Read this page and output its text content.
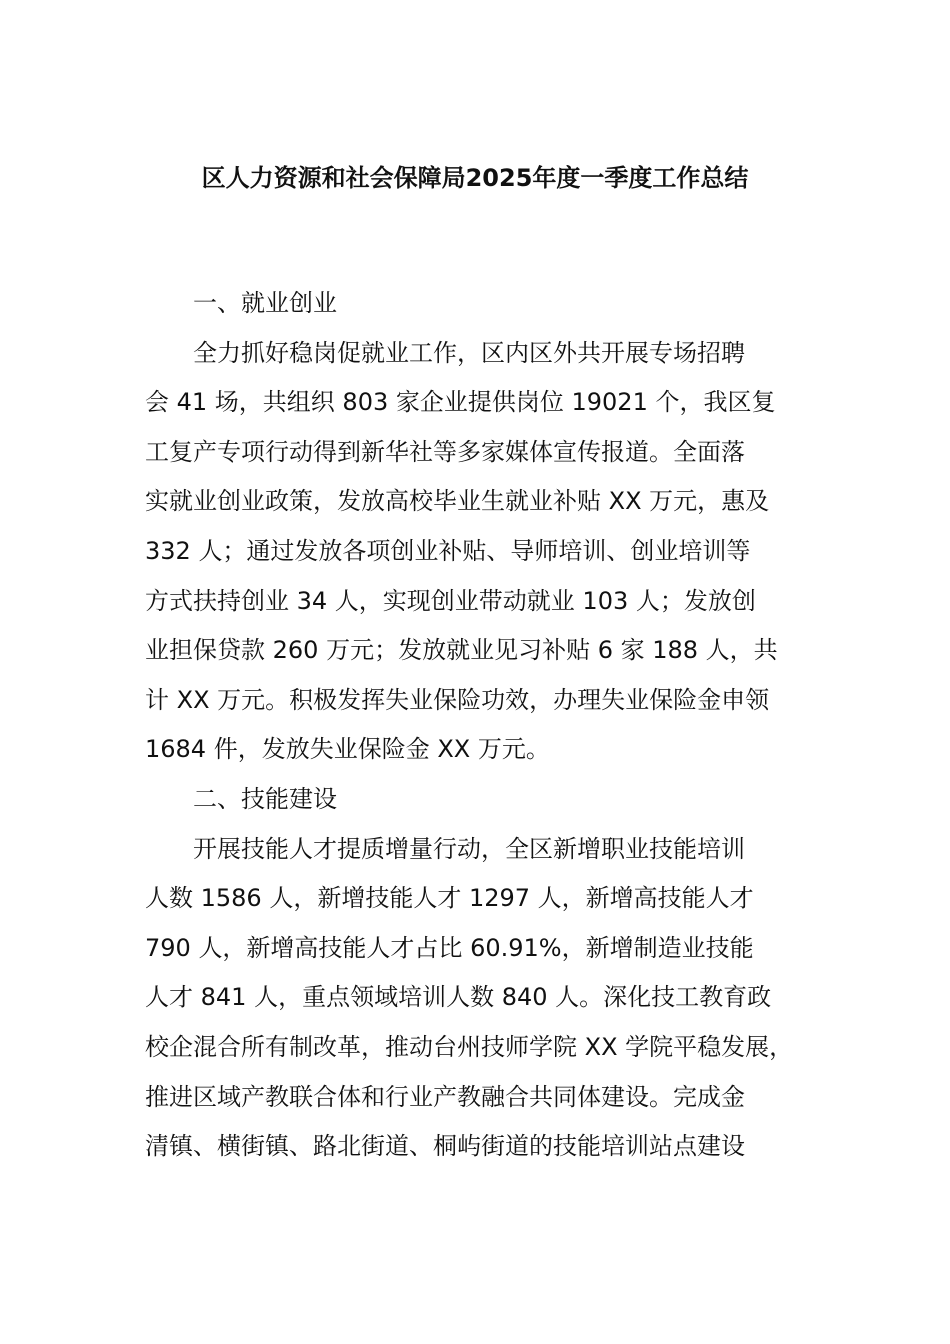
区人力资源和社会保障局2025年度一季度工作总结

一、就业创业

全力抓好稳岗促就业工作，区内区外共开展专场招聘
会 41 场，共组织 803 家企业提供岗位 19021 个，我区复
工复产专项行动得到新华社等多家媒体宣传报道。全面落
实就业创业政策，发放高校毕业生就业补贴 XX 万元，惠及
332 人；通过发放各项创业补贴、导师培训、创业培训等
方式扶持创业 34 人，实现创业带动就业 103 人；发放创
业担保贷款 260 万元；发放就业见习补贴 6 家 188 人，共
计 XX 万元。积极发挥失业保险功效，办理失业保险金申领
1684 件，发放失业保险金 XX 万元。

二、技能建设

开展技能人才提质增量行动，全区新增职业技能培训
人数 1586 人，新增技能人才 1297 人，新增高技能人才
790 人，新增高技能人才占比 60.91%，新增制造业技能
人才 841 人，重点领域培训人数 840 人。深化技工教育政
校企混合所有制改革，推动台州技师学院 XX 学院平稳发展，
推进区域产教联合体和行业产教融合共同体建设。完成金
清镇、横街镇、路北街道、桐屿街道的技能培训站点建设
